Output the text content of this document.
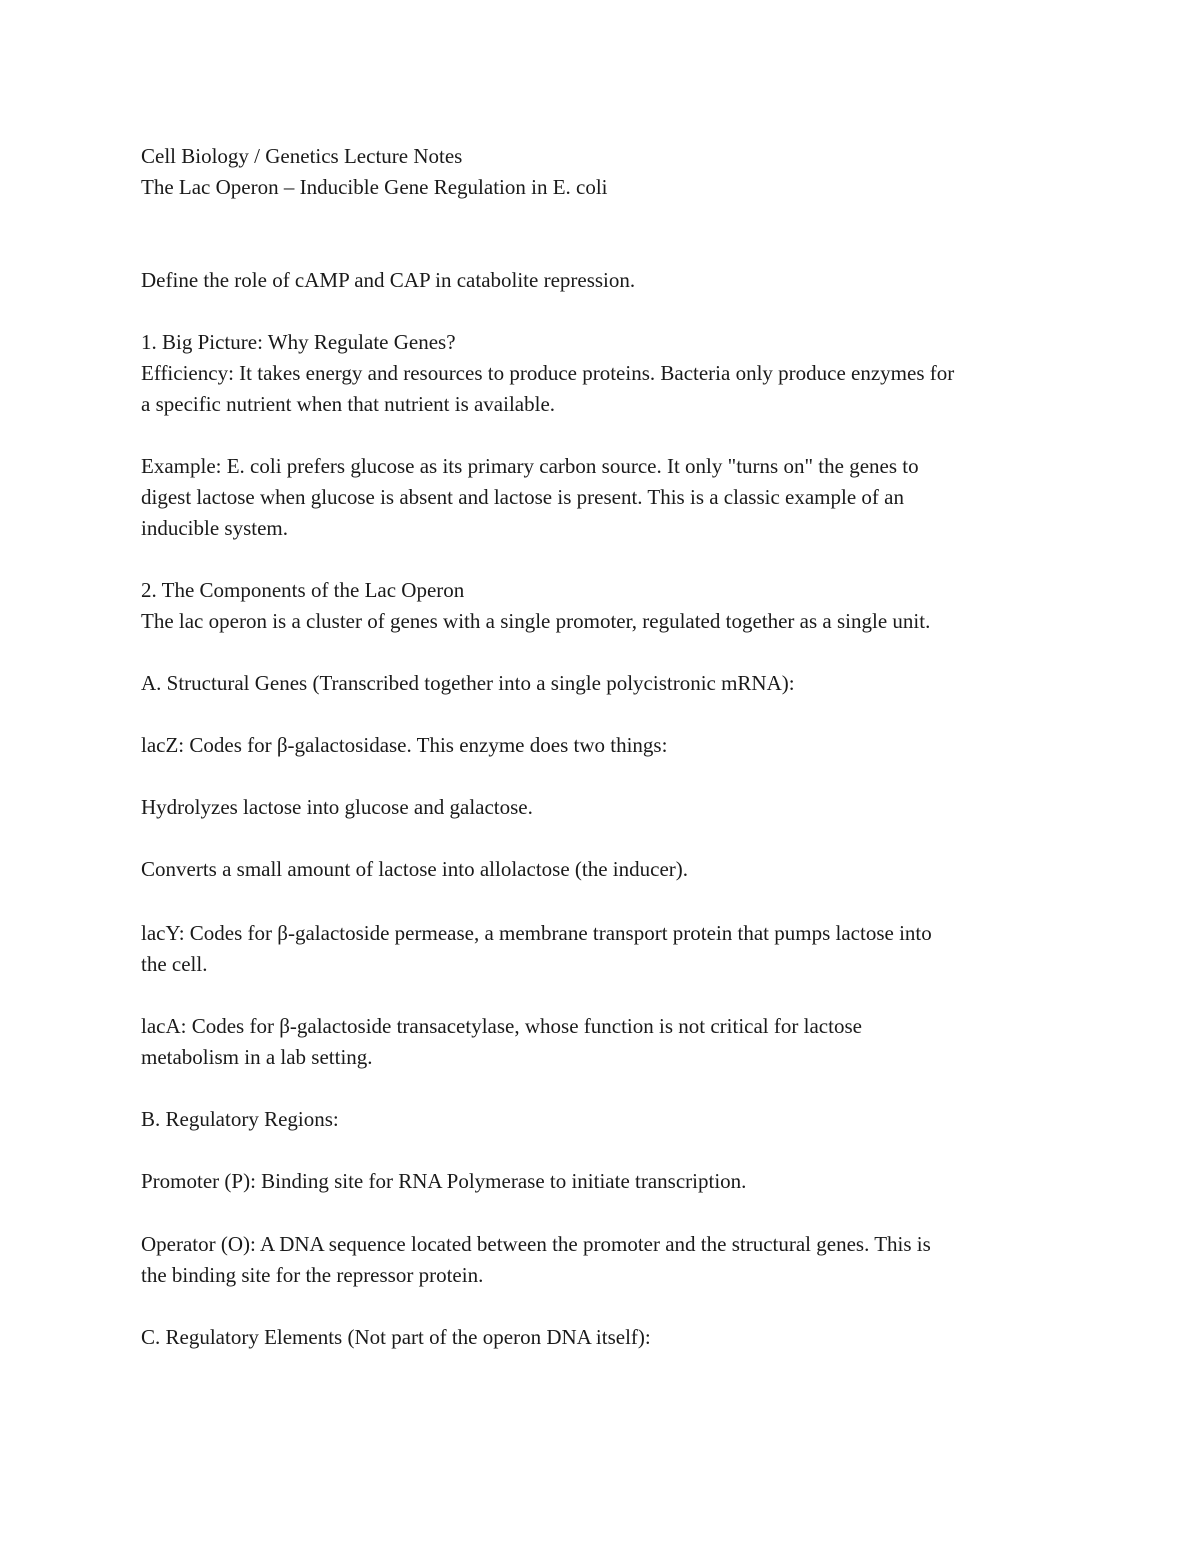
Cell Biology / Genetics Lecture Notes
The Lac Operon – Inducible Gene Regulation in E. coli
Define the role of cAMP and CAP in catabolite repression.
1. Big Picture: Why Regulate Genes?
Efficiency: It takes energy and resources to produce proteins. Bacteria only produce enzymes for
a specific nutrient when that nutrient is available.
Example: E. coli prefers glucose as its primary carbon source. It only "turns on" the genes to
digest lactose when glucose is absent and lactose is present. This is a classic example of an
inducible system.
2. The Components of the Lac Operon
The lac operon is a cluster of genes with a single promoter, regulated together as a single unit.
A. Structural Genes (Transcribed together into a single polycistronic mRNA):
lacZ: Codes for β-galactosidase. This enzyme does two things:
Hydrolyzes lactose into glucose and galactose.
Converts a small amount of lactose into allolactose (the inducer).
lacY: Codes for β-galactoside permease, a membrane transport protein that pumps lactose into
the cell.
lacA: Codes for β-galactoside transacetylase, whose function is not critical for lactose
metabolism in a lab setting.
B. Regulatory Regions:
Promoter (P): Binding site for RNA Polymerase to initiate transcription.
Operator (O): A DNA sequence located between the promoter and the structural genes. This is
the binding site for the repressor protein.
C. Regulatory Elements (Not part of the operon DNA itself):
